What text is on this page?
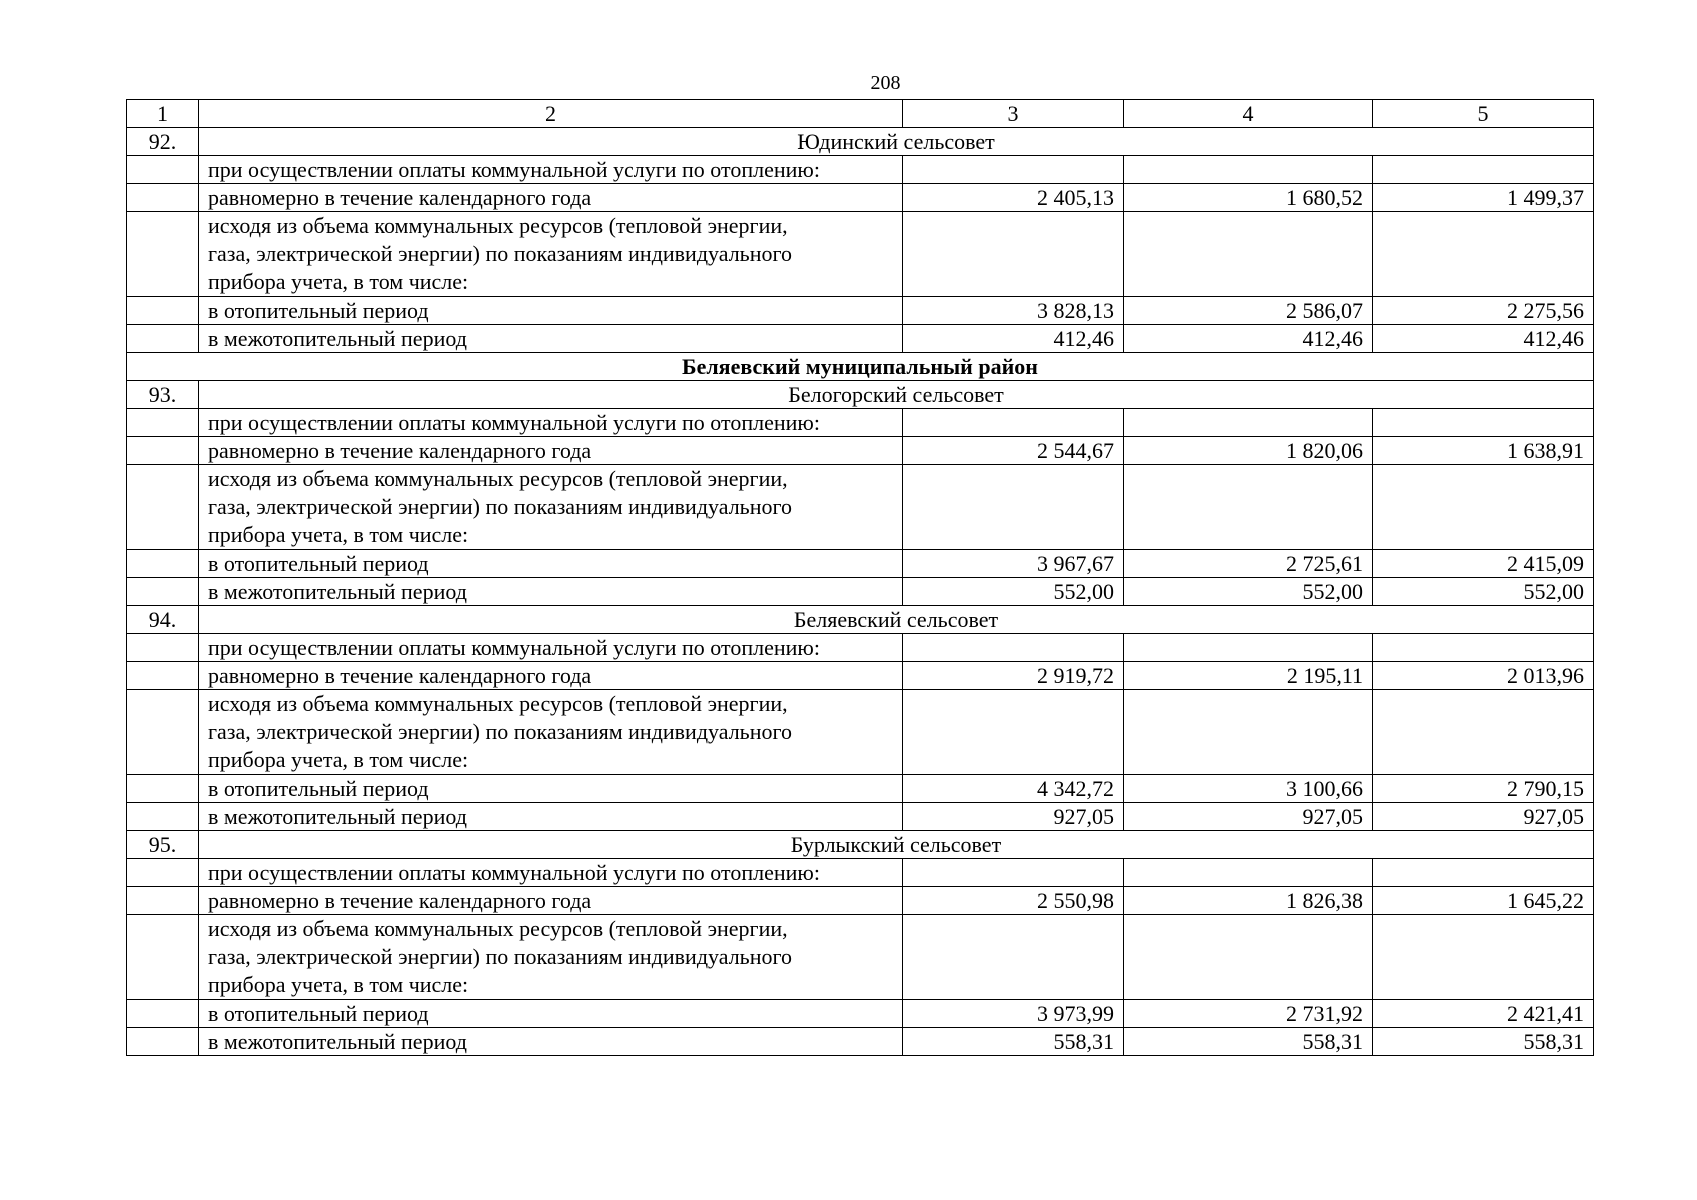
208
1	2	3	4	5
92.	Юдинский сельсовет			
	при осуществлении оплаты коммунальной услуги по отоплению:			
	равномерно в течение календарного года	2 405,13	1 680,52	1 499,37

	исходя из объема коммунальных ресурсов (тепловой энергии,
газа, электрической энергии) по показаниям индивидуального
прибора учета, в том числе:			

	в отопительный период	3 828,13	2 586,07	2 275,56
	в межотопительный период	412,46	412,46	412,46
Беляевский муниципальный район				
93.	Белогорский сельсовет			
	при осуществлении оплаты коммунальной услуги по отоплению:			
	равномерно в течение календарного года	2 544,67	1 820,06	1 638,91

	исходя из объема коммунальных ресурсов (тепловой энергии,
газа, электрической энергии) по показаниям индивидуального
прибора учета, в том числе:			

	в отопительный период	3 967,67	2 725,61	2 415,09
	в межотопительный период	552,00	552,00	552,00
94.	Беляевский сельсовет			
	при осуществлении оплаты коммунальной услуги по отоплению:			
	равномерно в течение календарного года	2 919,72	2 195,11	2 013,96

	исходя из объема коммунальных ресурсов (тепловой энергии,
газа, электрической энергии) по показаниям индивидуального
прибора учета, в том числе:			

	в отопительный период	4 342,72	3 100,66	2 790,15
	в межотопительный период	927,05	927,05	927,05
95.	Бурлыкский сельсовет			
	при осуществлении оплаты коммунальной услуги по отоплению:			
	равномерно в течение календарного года	2 550,98	1 826,38	1 645,22

	исходя из объема коммунальных ресурсов (тепловой энергии,
газа, электрической энергии) по показаниям индивидуального
прибора учета, в том числе:			

	в отопительный период	3 973,99	2 731,92	2 421,41
	в межотопительный период	558,31	558,31	558,31
